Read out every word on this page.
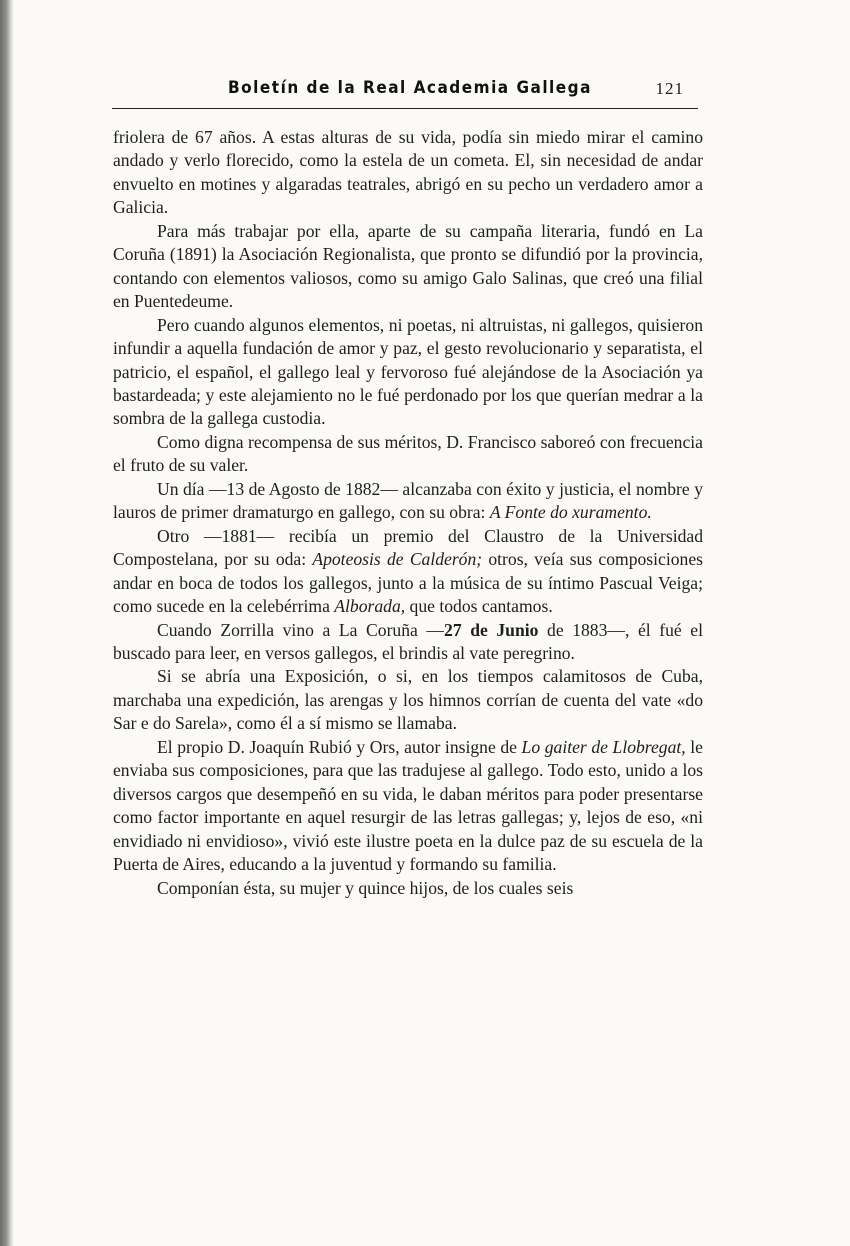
Boletín de la Real Academia Gallega	121

friolera de 67 años. A estas alturas de su vida, podía sin miedo mirar el camino andado y verlo florecido, como la estela de un cometa. El, sin necesidad de andar envuelto en motines y algaradas teatrales, abrigó en su pecho un verdadero amor a Galicia.

Para más trabajar por ella, aparte de su campaña literaria, fundó en La Coruña (1891) la Asociación Regionalista, que pronto se difundió por la provincia, contando con elementos valiosos, como su amigo Galo Salinas, que creó una filial en Puentedeume.

Pero cuando algunos elementos, ni poetas, ni altruistas, ni gallegos, quisieron infundir a aquella fundación de amor y paz, el gesto revolucionario y separatista, el patricio, el español, el gallego leal y fervoroso fué alejándose de la Asociación ya bastardeada; y este alejamiento no le fué perdonado por los que querían medrar a la sombra de la gallega custodia.

Como digna recompensa de sus méritos, D. Francisco saboreó con frecuencia el fruto de su valer.

Un día —13 de Agosto de 1882— alcanzaba con éxito y justicia, el nombre y lauros de primer dramaturgo en gallego, con su obra: A Fonte do xuramento.

Otro —1881— recibía un premio del Claustro de la Universidad Compostelana, por su oda: Apoteosis de Calderón; otros, veía sus composiciones andar en boca de todos los gallegos, junto a la música de su íntimo Pascual Veiga; como sucede en la celebérrima Alborada, que todos cantamos.

Cuando Zorrilla vino a La Coruña —27 de Junio de 1883—, él fué el buscado para leer, en versos gallegos, el brindis al vate peregrino.

Si se abría una Exposición, o si, en los tiempos calamitosos de Cuba, marchaba una expedición, las arengas y los himnos corrían de cuenta del vate «do Sar e do Sarela», como él a sí mismo se llamaba.

El propio D. Joaquín Rubió y Ors, autor insigne de Lo gaiter de Llobregat, le enviaba sus composiciones, para que las tradujese al gallego. Todo esto, unido a los diversos cargos que desempeñó en su vida, le daban méritos para poder presentarse como factor importante en aquel resurgir de las letras gallegas; y, lejos de eso, «ni envidiado ni envidioso», vivió este ilustre poeta en la dulce paz de su escuela de la Puerta de Aires, educando a la juventud y formando su familia.

Componían ésta, su mujer y quince hijos, de los cuales seis
